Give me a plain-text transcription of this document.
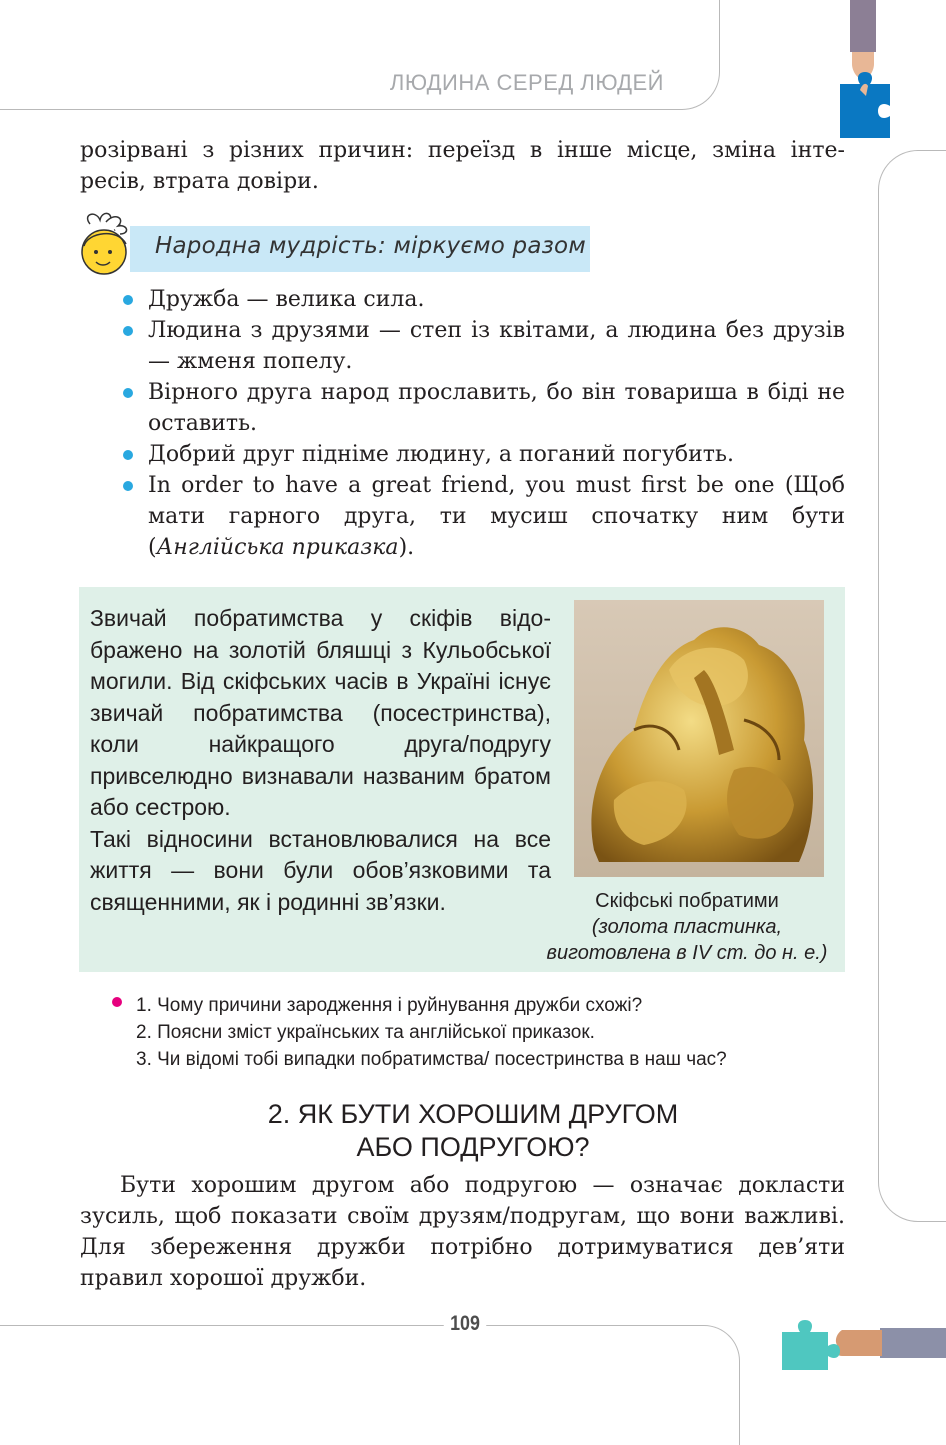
ЛЮДИНА СЕРЕД ЛЮДЕЙ
розірвані з різних причин: переїзд в інше місце, зміна інте-
ресів, втрата довіри.
Народна мудрість: міркуємо разом
Дружба — велика сила.
Людина з друзями — степ із квітами, а людина без друзів — жменя попелу.
Вірного друга народ прославить, бо він товариша в біді не оставить.
Добрий друг підніме людину, а поганий погубить.
In order to have a great friend, you must first be one (Щоб мати гарного друга, ти мусиш спочатку ним бути (Англійська приказка).
Звичай побратимства у скіфів відображено на золотій бляшці з Кульобської могили. Від скіфських часів в Україні існує звичай побратимства (посестринства), коли найкращого друга/подругу привселюдно визнавали названим братом або сестрою.
Такі відносини встановлювалися на все життя — вони були обов’язковими та священними, як і родинні зв’язки.	Скіфські побратими
(золота пластинка, виготовлена в IV ст. до н. е.)
1. Чому причини зародження і руйнування дружби схожі?
2. Поясни зміст українських та англійської приказок.
3. Чи відомі тобі випадки побратимства/ посестринства в наш час?
2. ЯК БУТИ ХОРОШИМ ДРУГОМ
АБО ПОДРУГОЮ?
Бути хорошим другом або подругою — означає докласти зусиль, щоб показати своїм друзям/подругам, що вони важливі. Для збереження дружби потрібно дотримуватися дев’яти правил хорошої дружби.
109
